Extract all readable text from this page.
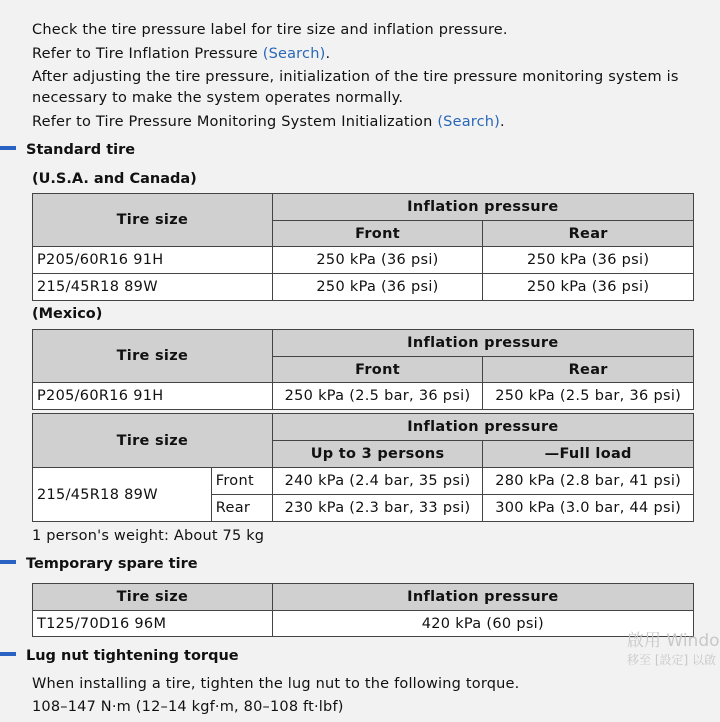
Check the tire pressure label for tire size and inflation pressure.
Refer to Tire Inflation Pressure (Search).
After adjusting the tire pressure, initialization of the tire pressure monitoring system is
necessary to make the system operates normally.
Refer to Tire Pressure Monitoring System Initialization (Search).
Standard tire
(U.S.A. and Canada)
Tire size	Inflation pressure	
	Front	Rear
P205/60R16 91H	250 kPa (36 psi)	250 kPa (36 psi)
215/45R18 89W	250 kPa (36 psi)	250 kPa (36 psi)
(Mexico)
Tire size	Inflation pressure	
	Front	Rear
P205/60R16 91H	250 kPa (2.5 bar, 36 psi)	250 kPa (2.5 bar, 36 psi)
Tire size		Inflation pressure	
		Up to 3 persons	—Full load
215/45R18 89W	Front	240 kPa (2.4 bar, 35 psi)	280 kPa (2.8 bar, 41 psi)
	Rear	230 kPa (2.3 bar, 33 psi)	300 kPa (3.0 bar, 44 psi)
1 person's weight: About 75 kg
Temporary spare tire
Tire size	Inflation pressure
T125/70D16 96M	420 kPa (60 psi)
Lug nut tightening torque
When installing a tire, tighten the lug nut to the following torque.
108–147 N·m (12–14 kgf·m, 80–108 ft·lbf)
啟用 Windo
移至 [設定] 以啟
